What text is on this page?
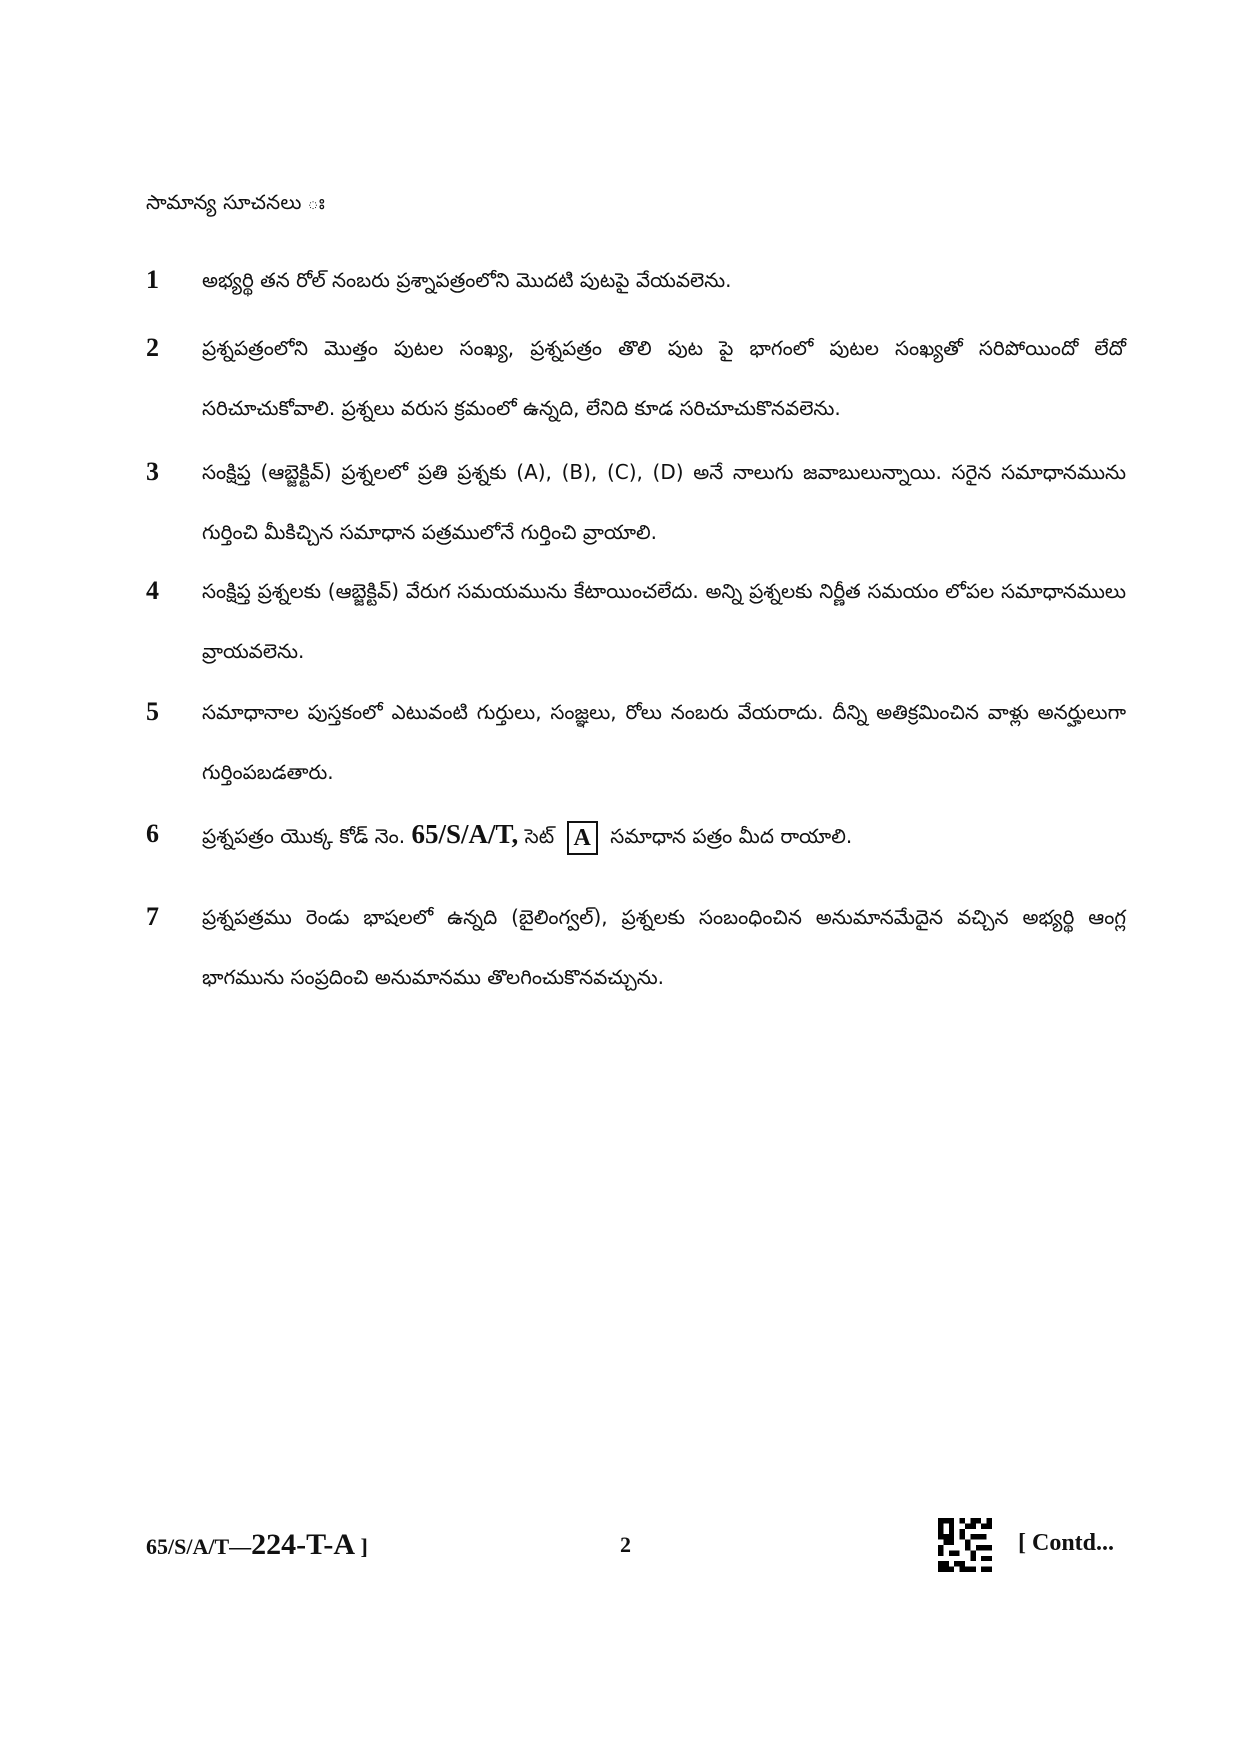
సామాన్య సూచనలు ః
1 అభ్యర్థి తన రోల్ నంబరు ప్రశ్నాపత్రంలోని మొదటి పుటపై వేయవలెను.
2 ప్రశ్నపత్రంలోని మొత్తం పుటల సంఖ్య, ప్రశ్నపత్రం తొలి పుట పై భాగంలో పుటల సంఖ్యతో సరిపోయిందో లేదో సరిచూచుకోవాలి. ప్రశ్నలు వరుస క్రమంలో ఉన్నది, లేనిది కూడ సరిచూచుకొనవలెను.
3 సంక్షిప్త (ఆబ్జెక్టివ్) ప్రశ్నలలో ప్రతి ప్రశ్నకు (A), (B), (C), (D) అనే నాలుగు జవాబులున్నాయి. సరైన సమాధానమును గుర్తించి మీకిచ్చిన సమాధాన పత్రములోనే గుర్తించి వ్రాయాలి.
4 సంక్షిప్త ప్రశ్నలకు (ఆబ్జెక్టివ్) వేరుగ సమయమును కేటాయించలేదు. అన్ని ప్రశ్నలకు నిర్ణీత సమయం లోపల సమాధానములు వ్రాయవలెను.
5 సమాధానాల పుస్తకంలో ఎటువంటి గుర్తులు, సంజ్ఞలు, రోలు నంబరు వేయరాదు. దీన్ని అతిక్రమించిన వాళ్లు అనర్హులుగా గుర్తింపబడతారు.
6 ప్రశ్నపత్రం యొక్క కోడ్ నెం. 65/S/A/T, సెట్ A సమాధాన పత్రం మీద రాయాలి.
7 ప్రశ్నపత్రము రెండు భాషలలో ఉన్నది (బైలింగ్వల్), ప్రశ్నలకు సంబంధించిన అనుమానమేదైన వచ్చిన అభ్యర్థి ఆంగ్ల భాగమును సంప్రదించి అనుమానము తొలగించుకొనవచ్చును.
65/S/A/T—224-T-A ]	2	[ Contd...
